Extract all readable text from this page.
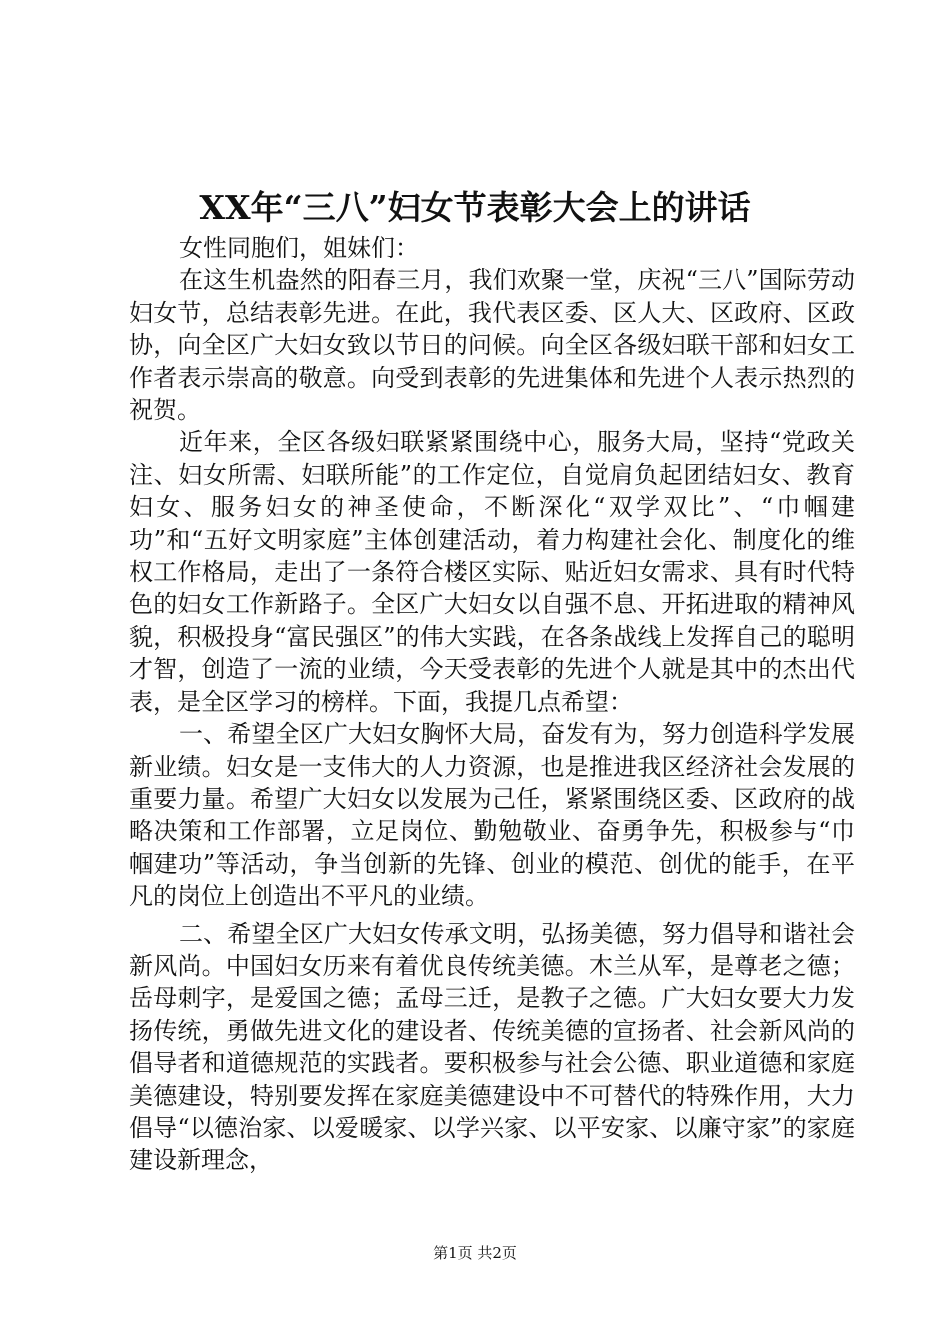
XX年“三八”妇女节表彰大会上的讲话

女性同胞们，姐妹们：

在这生机盎然的阳春三月，我们欢聚一堂，庆祝“三八”国际劳动妇女节，总结表彰先进。在此，我代表区委、区人大、区政府、区政协，向全区广大妇女致以节日的问候。向全区各级妇联干部和妇女工作者表示崇高的敬意。向受到表彰的先进集体和先进个人表示热烈的祝贺。

近年来，全区各级妇联紧紧围绕中心，服务大局，坚持“党政关注、妇女所需、妇联所能”的工作定位，自觉肩负起团结妇女、教育妇女、服务妇女的神圣使命，不断深化“双学双比”、“巾帼建功”和“五好文明家庭”主体创建活动，着力构建社会化、制度化的维权工作格局，走出了一条符合楼区实际、贴近妇女需求、具有时代特色的妇女工作新路子。全区广大妇女以自强不息、开拓进取的精神风貌，积极投身“富民强区”的伟大实践，在各条战线上发挥自己的聪明才智，创造了一流的业绩，今天受表彰的先进个人就是其中的杰出代表，是全区学习的榜样。下面，我提几点希望：

一、希望全区广大妇女胸怀大局，奋发有为，努力创造科学发展新业绩。妇女是一支伟大的人力资源，也是推进我区经济社会发展的重要力量。希望广大妇女以发展为己任，紧紧围绕区委、区政府的战略决策和工作部署，立足岗位、勤勉敬业、奋勇争先，积极参与“巾帼建功”等活动，争当创新的先锋、创业的模范、创优的能手，在平凡的岗位上创造出不平凡的业绩。

二、希望全区广大妇女传承文明，弘扬美德，努力倡导和谐社会新风尚。中国妇女历来有着优良传统美德。木兰从军，是尊老之德；岳母刺字，是爱国之德；孟母三迁，是教子之德。广大妇女要大力发扬传统，勇做先进文化的建设者、传统美德的宣扬者、社会新风尚的倡导者和道德规范的实践者。要积极参与社会公德、职业道德和家庭美德建设，特别要发挥在家庭美德建设中不可替代的特殊作用，大力倡导“以德治家、以爱暖家、以学兴家、以平安家、以廉守家”的家庭建设新理念，

第1页 共2页
